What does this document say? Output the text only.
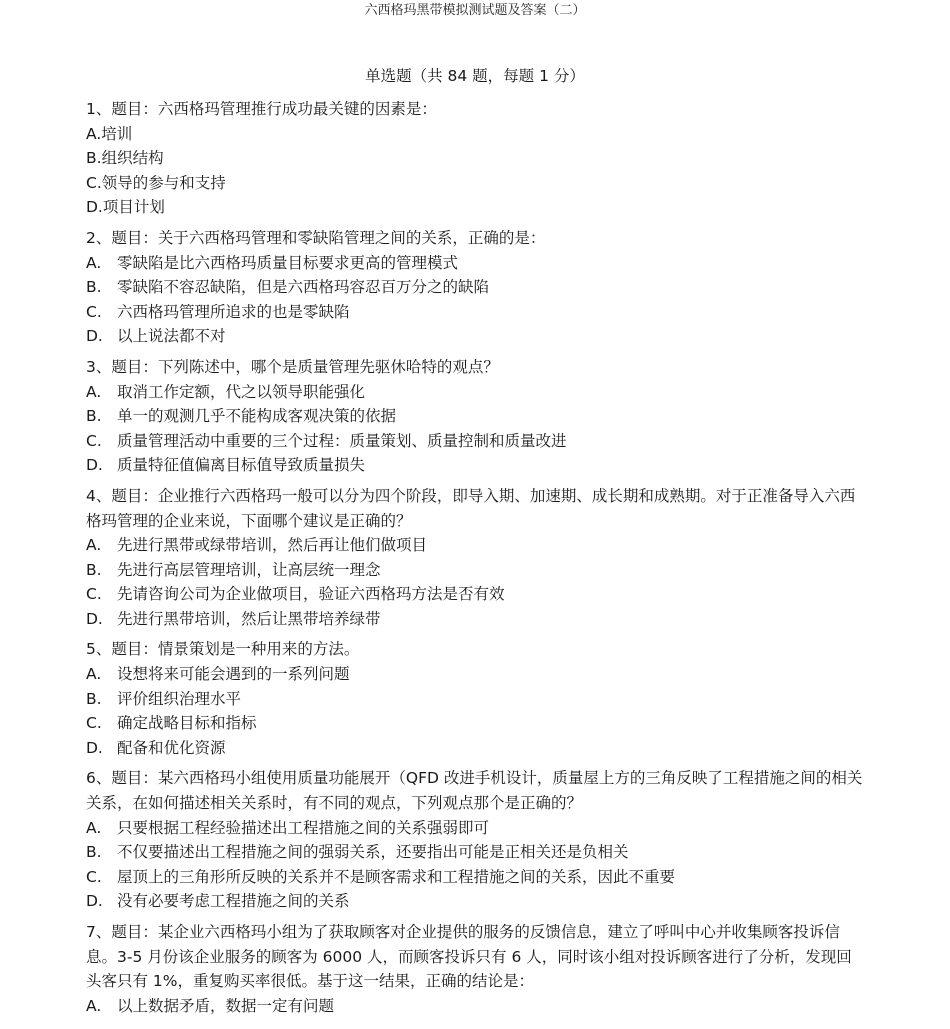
六西格玛黑带模拟测试题及答案（二）
单选题（共 84 题，每题 1 分）
1、题目：六西格玛管理推行成功最关键的因素是：
A.培训
B.组织结构
C.领导的参与和支持
D.项目计划
2、题目：关于六西格玛管理和零缺陷管理之间的关系，正确的是：
A. 零缺陷是比六西格玛质量目标要求更高的管理模式
B. 零缺陷不容忍缺陷，但是六西格玛容忍百万分之的缺陷
C. 六西格玛管理所追求的也是零缺陷
D. 以上说法都不对
3、题目：下列陈述中，哪个是质量管理先驱休哈特的观点？
A. 取消工作定额，代之以领导职能强化
B. 单一的观测几乎不能构成客观决策的依据
C. 质量管理活动中重要的三个过程：质量策划、质量控制和质量改进
D. 质量特征值偏离目标值导致质量损失
4、题目：企业推行六西格玛一般可以分为四个阶段，即导入期、加速期、成长期和成熟期。对于正准备导入六西格玛管理的企业来说，下面哪个建议是正确的？
A. 先进行黑带或绿带培训，然后再让他们做项目
B. 先进行高层管理培训，让高层统一理念
C. 先请咨询公司为企业做项目，验证六西格玛方法是否有效
D. 先进行黑带培训，然后让黑带培养绿带
5、题目：情景策划是一种用来的方法。
A. 设想将来可能会遇到的一系列问题
B. 评价组织治理水平
C. 确定战略目标和指标
D. 配备和优化资源
6、题目：某六西格玛小组使用质量功能展开（QFD 改进手机设计，质量屋上方的三角反映了工程措施之间的相关关系，在如何描述相关关系时，有不同的观点，下列观点那个是正确的？
A. 只要根据工程经验描述出工程措施之间的关系强弱即可
B. 不仅要描述出工程措施之间的强弱关系，还要指出可能是正相关还是负相关
C. 屋顶上的三角形所反映的关系并不是顾客需求和工程措施之间的关系，因此不重要
D. 没有必要考虑工程措施之间的关系
7、题目：某企业六西格玛小组为了获取顾客对企业提供的服务的反馈信息，建立了呼叫中心并收集顾客投诉信息。3-5 月份该企业服务的顾客为 6000 人，而顾客投诉只有 6 人，同时该小组对投诉顾客进行了分析，发现回头客只有 1%，重复购买率很低。基于这一结果，正确的结论是：
A. 以上数据矛盾，数据一定有问题
